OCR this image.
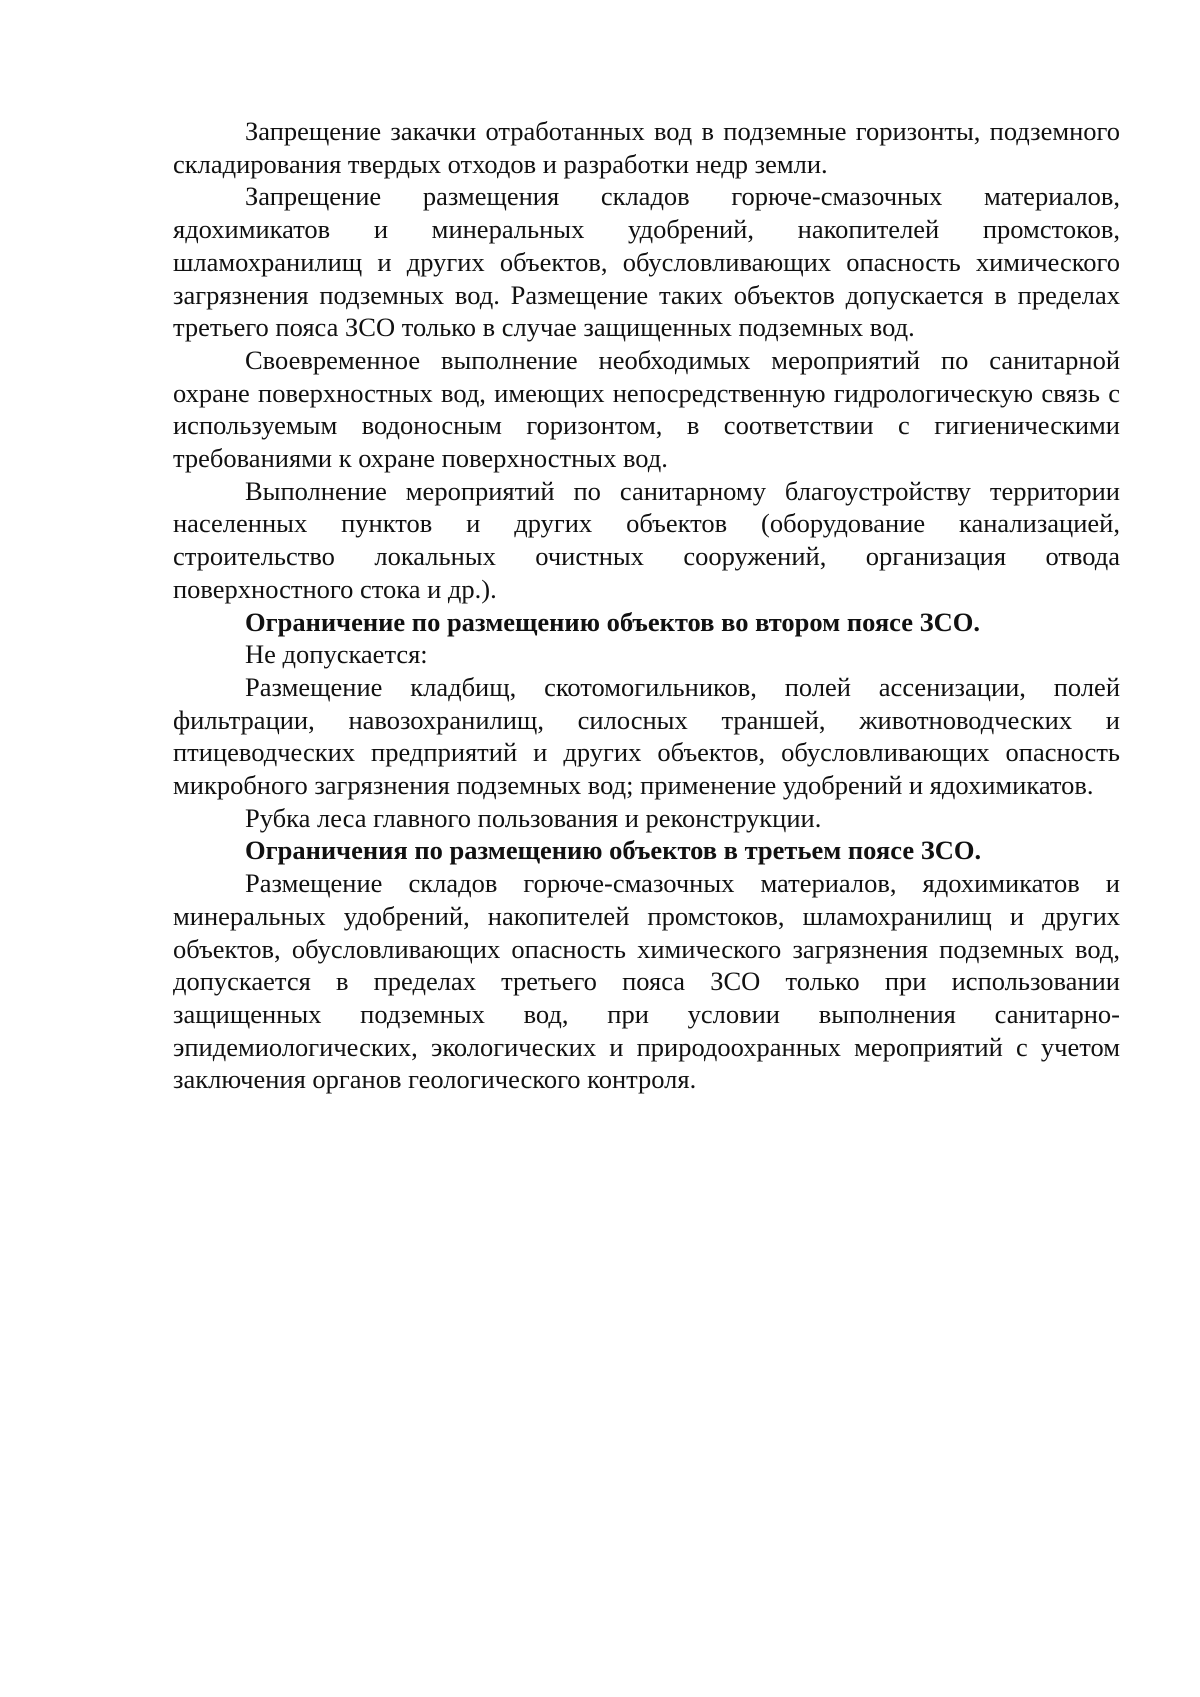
Запрещение закачки отработанных вод в подземные горизонты, подземного складирования твердых отходов и разработки недр земли.

Запрещение размещения складов горюче-смазочных материалов, ядохимикатов и минеральных удобрений, накопителей промстоков, шламохранилищ и других объектов, обусловливающих опасность химического загрязнения подземных вод. Размещение таких объектов допускается в пределах третьего пояса ЗСО только в случае защищенных подземных вод.

Своевременное выполнение необходимых мероприятий по санитарной охране поверхностных вод, имеющих непосредственную гидрологическую связь с используемым водоносным горизонтом, в соответствии с гигиеническими требованиями к охране поверхностных вод.

Выполнение мероприятий по санитарному благоустройству территории населенных пунктов и других объектов (оборудование канализацией, строительство локальных очистных сооружений, организация отвода поверхностного стока и др.).

Ограничение по размещению объектов во втором поясе ЗСО.

Не допускается:

Размещение кладбищ, скотомогильников, полей ассенизации, полей фильтрации, навозохранилищ, силосных траншей, животноводческих и птицеводческих предприятий и других объектов, обусловливающих опасность микробного загрязнения подземных вод; применение удобрений и ядохимикатов.

Рубка леса главного пользования и реконструкции.

Ограничения по размещению объектов в третьем поясе ЗСО.

Размещение складов горюче-смазочных материалов, ядохимикатов и минеральных удобрений, накопителей промстоков, шламохранилищ и других объектов, обусловливающих опасность химического загрязнения подземных вод, допускается в пределах третьего пояса ЗСО только при использовании защищенных подземных вод, при условии выполнения санитарно-эпидемиологических, экологических и природоохранных мероприятий с учетом заключения органов геологического контроля.
